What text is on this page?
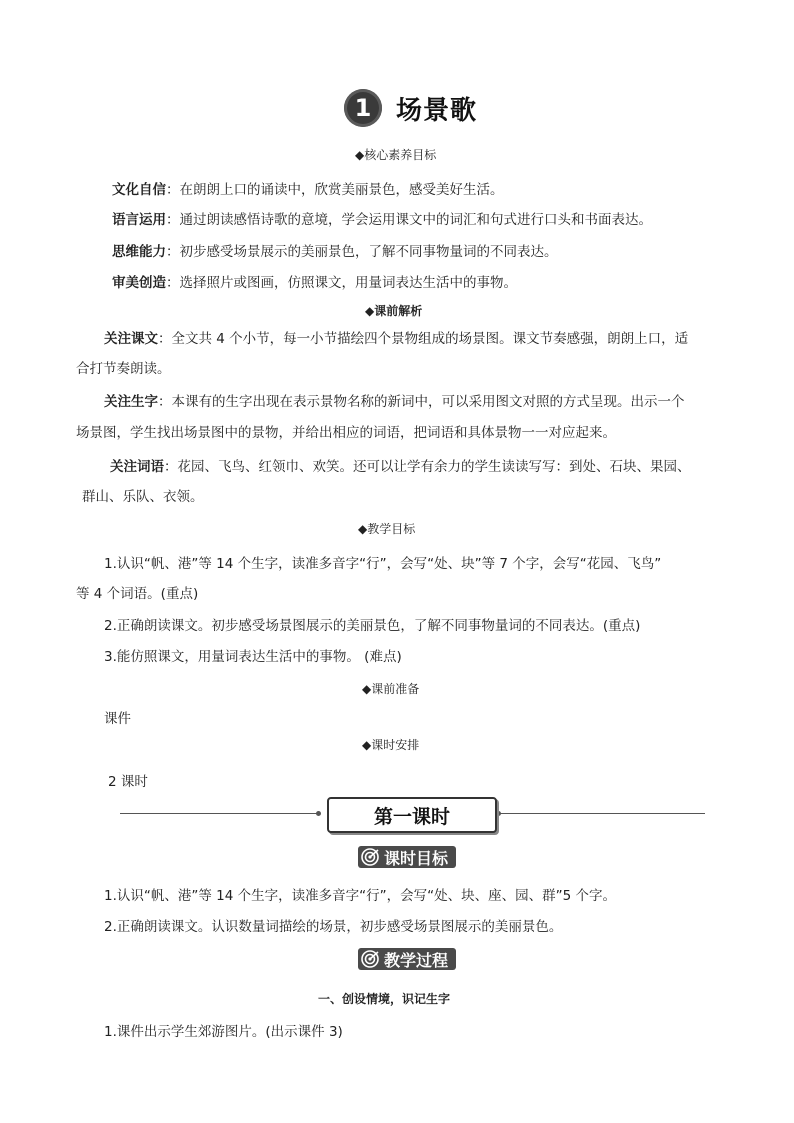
1 场景歌
◆核心素养目标
文化自信：在朗朗上口的诵读中，欣赏美丽景色，感受美好生活。
语言运用：通过朗读感悟诗歌的意境，学会运用课文中的词汇和句式进行口头和书面表达。
思维能力：初步感受场景展示的美丽景色，了解不同事物量词的不同表达。
审美创造：选择照片或图画，仿照课文，用量词表达生活中的事物。
◆课前解析
关注课文：全文共 4 个小节，每一小节描绘四个景物组成的场景图。课文节奏感强，朗朗上口，适
合打节奏朗读。
关注生字：本课有的生字出现在表示景物名称的新词中，可以采用图文对照的方式呈现。出示一个
场景图，学生找出场景图中的景物，并给出相应的词语，把词语和具体景物一一对应起来。
关注词语：花园、飞鸟、红领巾、欢笑。还可以让学有余力的学生读读写写：到处、石块、果园、
群山、乐队、衣领。
◆教学目标
1.认识“帆、港”等 14 个生字，读准多音字“行”，会写“处、块”等 7 个字，会写“花园、飞鸟”
等 4 个词语。(重点)
2.正确朗读课文。初步感受场景图展示的美丽景色，了解不同事物量词的不同表达。(重点)
3.能仿照课文，用量词表达生活中的事物。 (难点)
◆课前准备
课件
◆课时安排
2 课时
第一课时
课时目标
1.认识“帆、港”等 14 个生字，读准多音字“行”，会写“处、块、座、园、群”5 个字。
2.正确朗读课文。认识数量词描绘的场景，初步感受场景图展示的美丽景色。
教学过程
一、创设情境，识记生字
1.课件出示学生郊游图片。(出示课件 3)
